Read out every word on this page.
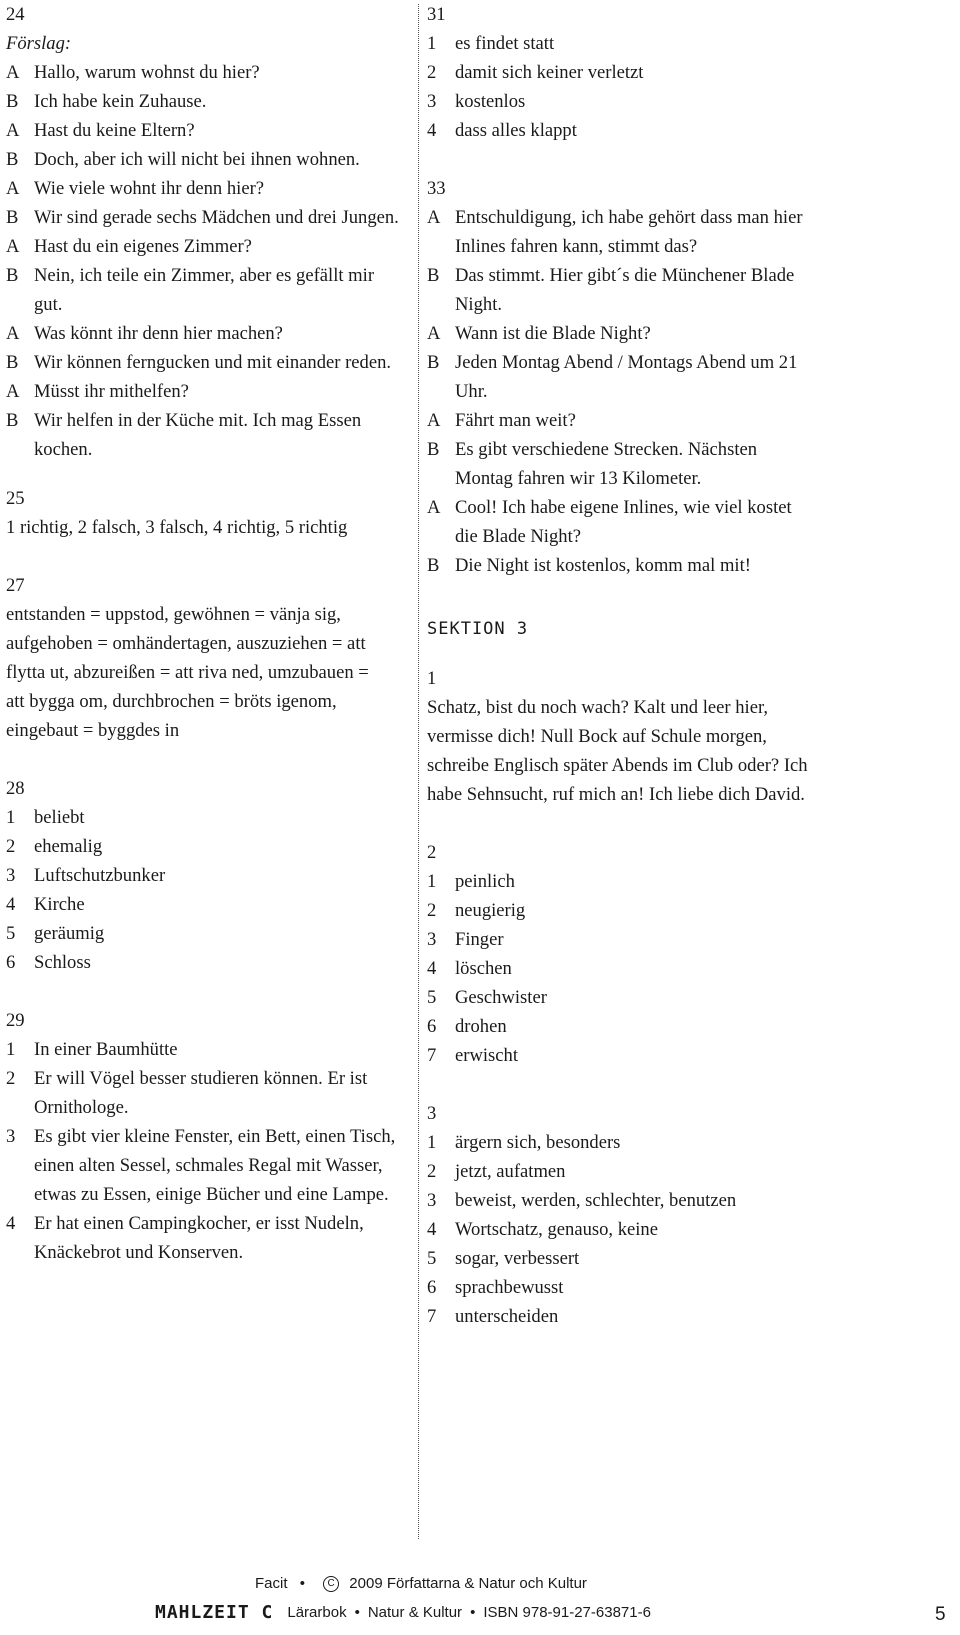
24
Förslag:
A Hallo, warum wohnst du hier?
B Ich habe kein Zuhause.
A Hast du keine Eltern?
B Doch, aber ich will nicht bei ihnen wohnen.
A Wie viele wohnt ihr denn hier?
B Wir sind gerade sechs Mädchen und drei Jungen.
A Hast du ein eigenes Zimmer?
B Nein, ich teile ein Zimmer, aber es gefällt mir gut.
A Was könnt ihr denn hier machen?
B Wir können ferngucken und mit einander reden.
A Müsst ihr mithelfen?
B Wir helfen in der Küche mit. Ich mag Essen kochen.
25
1 richtig, 2 falsch, 3 falsch, 4 richtig, 5 richtig
27
entstanden = uppstod, gewöhnen = vänja sig, aufgehoben = omhändertagen, auszuziehen = att flytta ut, abzureißen = att riva ned, umzubauen = att bygga om, durchbrochen = bröts igenom, eingebaut = byggdes in
28
1	beliebt
2	ehemalig
3	Luftschutzbunker
4	Kirche
5	geräumig
6	Schloss
29
1	In einer Baumhütte
2	Er will Vögel besser studieren können. Er ist Ornithologe.
3	Es gibt vier kleine Fenster, ein Bett, einen Tisch, einen alten Sessel, schmales Regal mit Wasser, etwas zu Essen, einige Bücher und eine Lampe.
4	Er hat einen Campingkocher, er isst Nudeln, Knäckebrot und Konserven.
31
1	es findet statt
2	damit sich keiner verletzt
3	kostenlos
4	dass alles klappt
33
A Entschuldigung, ich habe gehört dass man hier Inlines fahren kann, stimmt das?
B Das stimmt. Hier gibt´s die Münchener Blade Night.
A Wann ist die Blade Night?
B Jeden Montag Abend / Montags Abend um 21 Uhr.
A Fährt man weit?
B Es gibt verschiedene Strecken. Nächsten Montag fahren wir 13 Kilometer.
A Cool! Ich habe eigene Inlines, wie viel kostet die Blade Night?
B Die Night ist kostenlos, komm mal mit!
SEKTION 3
1
Schatz, bist du noch wach? Kalt und leer hier, vermisse dich! Null Bock auf Schule morgen, schreibe Englisch später Abends im Club oder? Ich habe Sehnsucht, ruf mich an! Ich liebe dich David.
2
1	peinlich
2	neugierig
3	Finger
4	löschen
5	Geschwister
6	drohen
7	erwischt
3
1	ärgern sich, besonders
2	jetzt, aufatmen
3	beweist, werden, schlechter, benutzen
4	Wortschatz, genauso, keine
5	sogar, verbessert
6	sprachbewusst
7	unterscheiden
Facit • C 2009 Författarna & Natur och Kultur
MAHLZEIT C Lärarbok • Natur & Kultur • ISBN 978-91-27-63871-6	5
